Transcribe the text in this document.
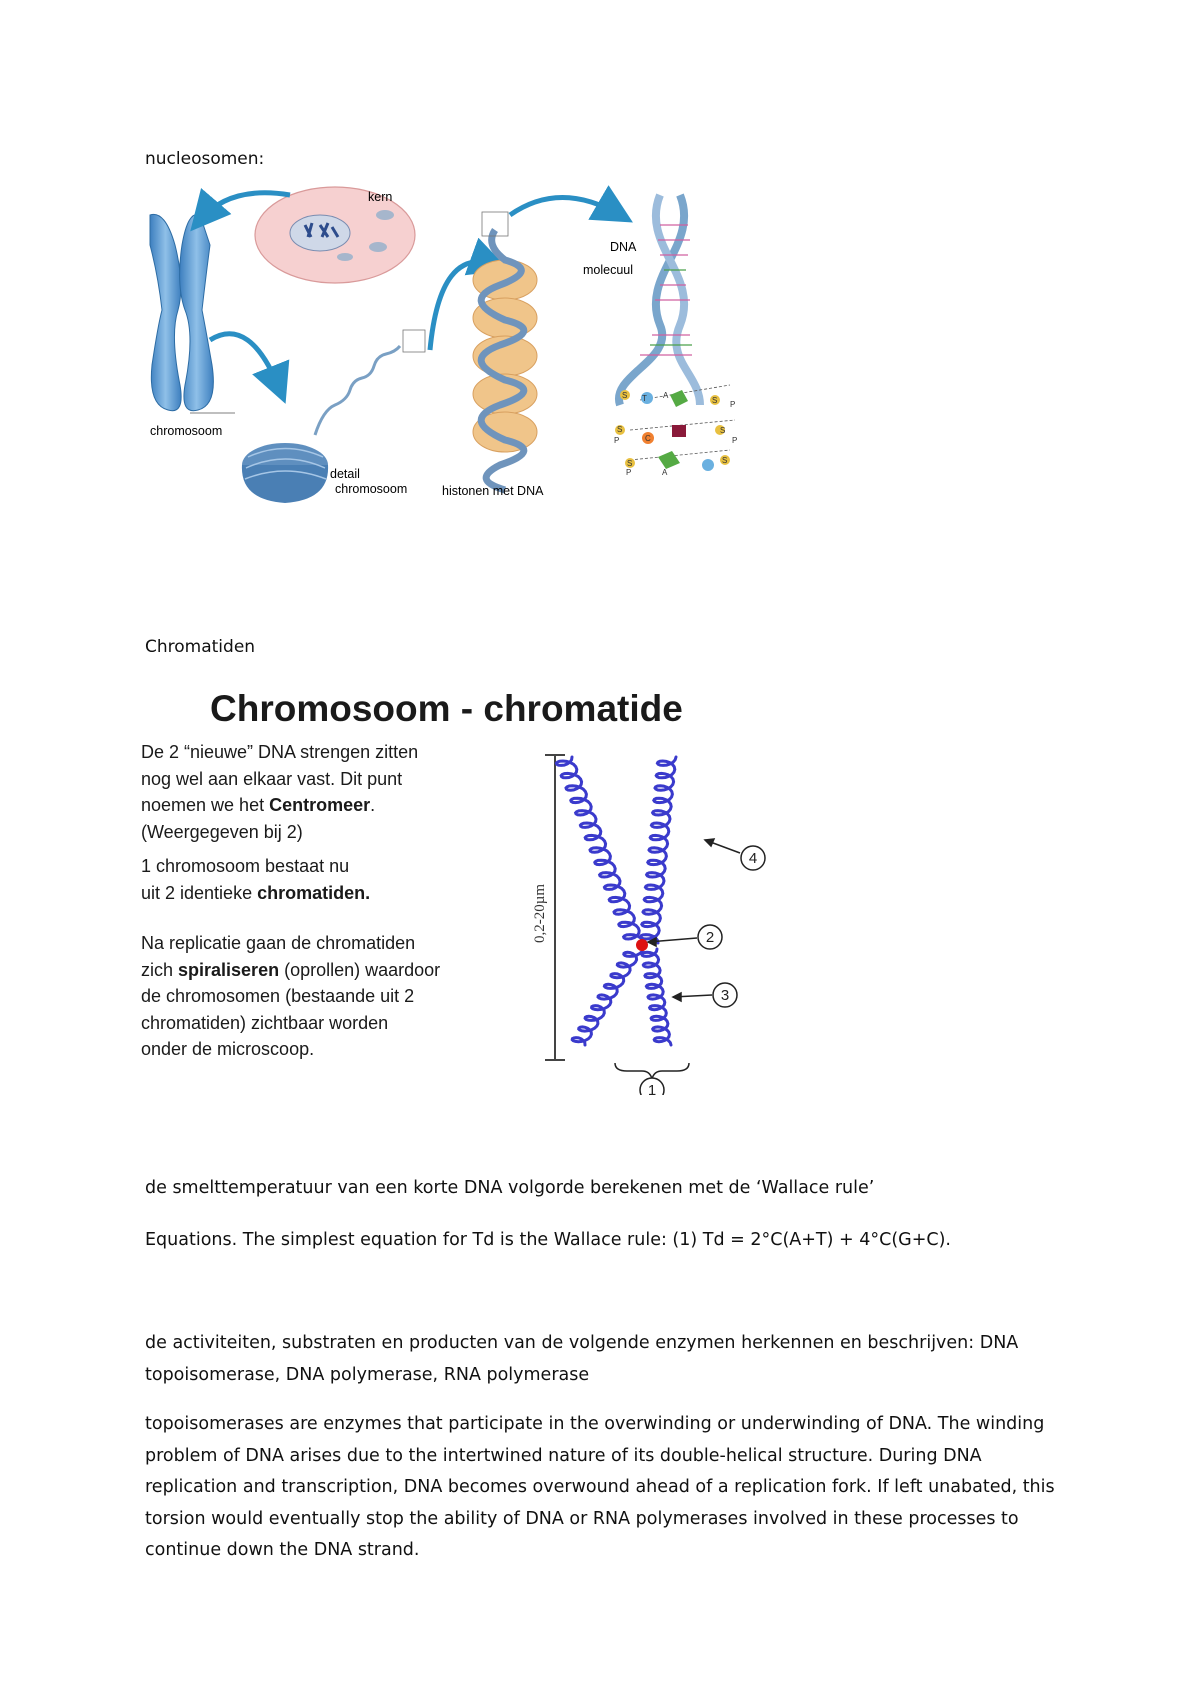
nucleosomen:
chromosoom
kern
detail
chromosoom	histonen met DNA
DNA
molecuul
S T A
S P
P
S
C
S
P
P
S
A
S
Chromatiden
Chromosoom - chromatide

De 2 “nieuwe” DNA strengen zitten

nog wel aan elkaar vast. Dit punt

noemen we het Centromeer.

(Weergegeven bij 2)

1 chromosoom bestaat nu

uit 2 identieke chromatiden.

Na replicatie gaan de chromatiden

zich spiraliseren (oprollen) waardoor

de chromosomen (bestaande uit 2

chromatiden) zichtbaar worden

onder de microscoop.

0,2-20µm
4
2
3
1
de smelttemperatuur van een korte DNA volgorde berekenen met de ‘Wallace rule’
Equations. The simplest equation for Td is the Wallace rule: (1) Td = 2°C(A+T) + 4°C(G+C).
de activiteiten, substraten en producten van de volgende enzymen herkennen en beschrijven: DNA topoisomerase, DNA polymerase, RNA polymerase
topoisomerases are enzymes that participate in the overwinding or underwinding of DNA. The winding problem of DNA arises due to the intertwined nature of its double-helical structure. During DNA replication and transcription, DNA becomes overwound ahead of a replication fork. If left unabated, this torsion would eventually stop the ability of DNA or RNA polymerases involved in these processes to continue down the DNA strand.
